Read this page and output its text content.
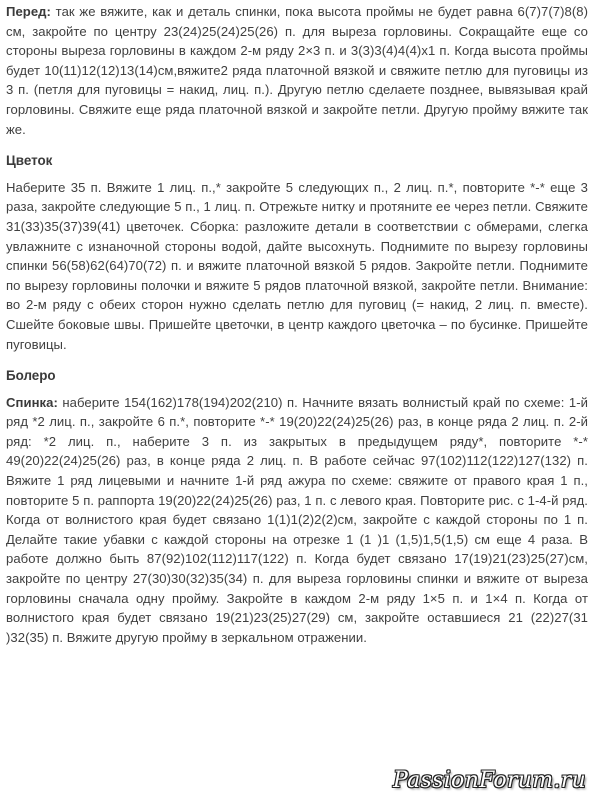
Перед: так же вяжите, как и деталь спинки, пока высота проймы не будет равна 6(7)7(7)8(8) см, закройте по центру 23(24)25(24)25(26) п. для выреза горловины. Сокращайте еще со стороны выреза горловины в каждом 2-м ряду 2×3 п. и 3(3)3(4)4(4)x1 п. Когда высота проймы будет 10(11)12(12)13(14)см,вяжите2 ряда платочной вязкой и свяжите петлю для пуговицы из 3 п. (петля для пуговицы = накид, лиц. п.). Другую петлю сделаете позднее, вывязывая край горловины. Свяжите еще ряда платочной вязкой и закройте петли. Другую пройму вяжите так же.

Цветок

Наберите 35 п. Вяжите 1 лиц. п.,* закройте 5 следующих п., 2 лиц. п.*, повторите *-* еще 3 раза, закройте следующие 5 п., 1 лиц. п. Отрежьте нитку и протяните ее через петли. Свяжите 31(33)35(37)39(41) цветочек. Сборка: разложите детали в соответствии с обмерами, слегка увлажните с изнаночной стороны водой, дайте высохнуть. Поднимите по вырезу горловины спинки 56(58)62(64)70(72) п. и вяжите платочной вязкой 5 рядов. Закройте петли. Поднимите по вырезу горловины полочки и вяжите 5 рядов платочной вязкой, закройте петли. Внимание: во 2-м ряду с обеих сторон нужно сделать петлю для пуговиц (= накид, 2 лиц. п. вместе). Сшейте боковые швы. Пришейте цветочки, в центр каждого цветочка – по бусинке. Пришейте пуговицы.

Болеро

Спинка: наберите 154(162)178(194)202(210) п. Начните вязать волнистый край по схеме: 1-й ряд *2 лиц. п., закройте 6 п.*, повторите *-* 19(20)22(24)25(26) раз, в конце ряда 2 лиц. п. 2-й ряд: *2 лиц. п., наберите 3 п. из закрытых в предыдущем ряду*, повторите *-* 49(20)22(24)25(26) раз, в конце ряда 2 лиц. п. В работе сейчас 97(102)112(122)127(132) п. Вяжите 1 ряд лицевыми и начните 1-й ряд ажура по схеме: свяжите от правого края 1 п., повторите 5 п. раппорта 19(20)22(24)25(26) раз, 1 п. с левого края. Повторите рис. с 1-4-й ряд. Когда от волнистого края будет связано 1(1)1(2)2(2)см, закройте с каждой стороны по 1 п. Делайте такие убавки с каждой стороны на отрезке 1 (1 )1 (1,5)1,5(1,5) см еще 4 раза. В работе должно быть 87(92)102(112)117(122) п. Когда будет связано 17(19)21(23)25(27)см, закройте по центру 27(30)30(32)35(34) п. для выреза горловины спинки и вяжите от выреза горловины сначала одну пройму. Закройте в каждом 2-м ряду 1×5 п. и 1×4 п. Когда от волнистого края будет связано 19(21)23(25)27(29) см, закройте оставшиеся 21 (22)27(31 )32(35) п. Вяжите другую пройму в зеркальном отражении.

PassionForum.ru
